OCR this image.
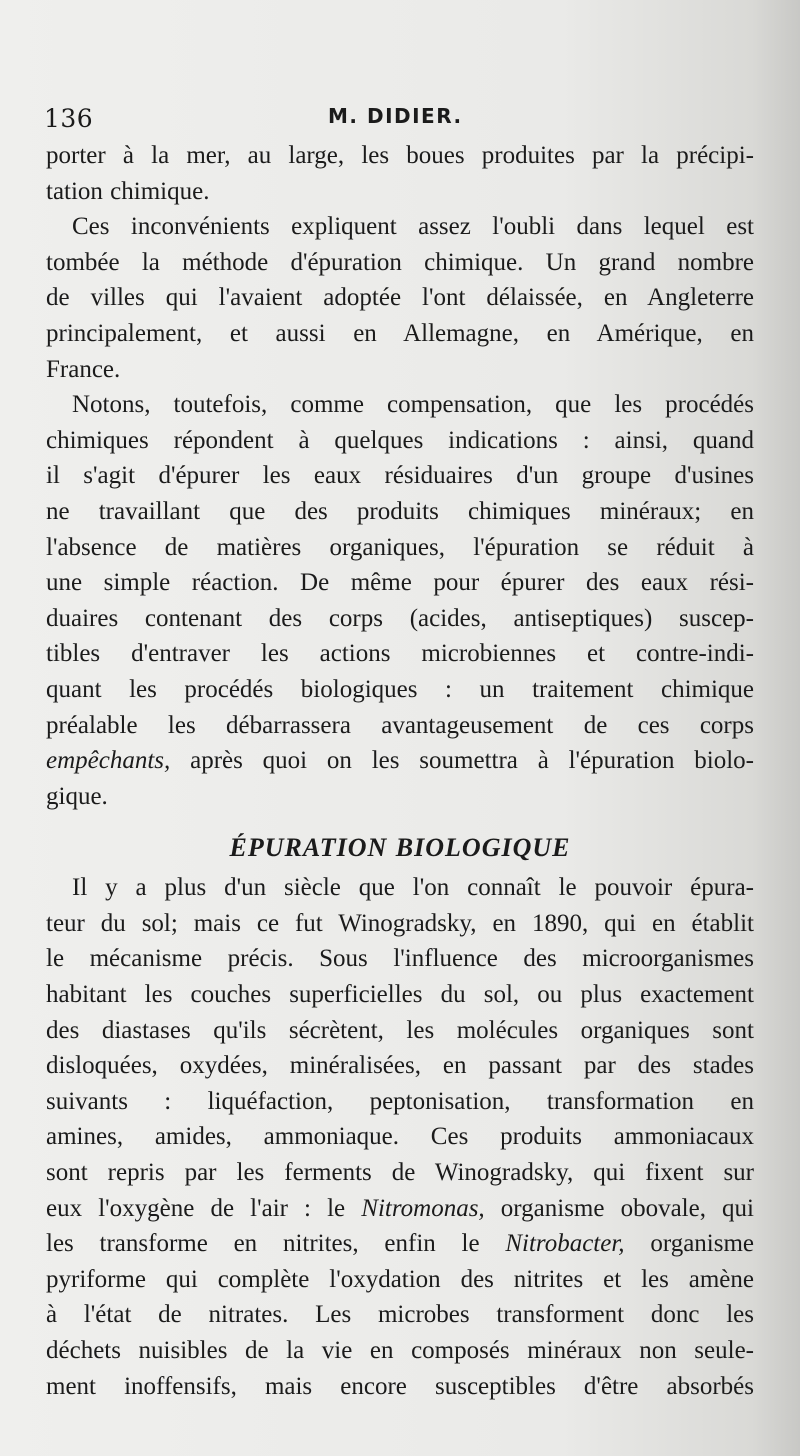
136	M. DIDIER.

porter à la mer, au large, les boues produites par la précipi-
tation chimique.

Ces inconvénients expliquent assez l'oubli dans lequel est
tombée la méthode d'épuration chimique. Un grand nombre
de villes qui l'avaient adoptée l'ont délaissée, en Angleterre
principalement, et aussi en Allemagne, en Amérique, en
France.

Notons, toutefois, comme compensation, que les procédés
chimiques répondent à quelques indications : ainsi, quand
il s'agit d'épurer les eaux résiduaires d'un groupe d'usines
ne travaillant que des produits chimiques minéraux; en
l'absence de matières organiques, l'épuration se réduit à
une simple réaction. De même pour épurer des eaux rési-
duaires contenant des corps (acides, antiseptiques) suscep-
tibles d'entraver les actions microbiennes et contre-indi-
quant les procédés biologiques : un traitement chimique
préalable les débarrassera avantageusement de ces corps
empêchants, après quoi on les soumettra à l'épuration biolo-
gique.

ÉPURATION BIOLOGIQUE

Il y a plus d'un siècle que l'on connaît le pouvoir épura-
teur du sol; mais ce fut Winogradsky, en 1890, qui en établit
le mécanisme précis. Sous l'influence des microorganismes
habitant les couches superficielles du sol, ou plus exactement
des diastases qu'ils sécrètent, les molécules organiques sont
disloquées, oxydées, minéralisées, en passant par des stades
suivants : liquéfaction, peptonisation, transformation en
amines, amides, ammoniaque. Ces produits ammoniacaux
sont repris par les ferments de Winogradsky, qui fixent sur
eux l'oxygène de l'air : le Nitromonas, organisme obovale, qui
les transforme en nitrites, enfin le Nitrobacter, organisme
pyriforme qui complète l'oxydation des nitrites et les amène
à l'état de nitrates. Les microbes transforment donc les
déchets nuisibles de la vie en composés minéraux non seule-
ment inoffensifs, mais encore susceptibles d'être absorbés
